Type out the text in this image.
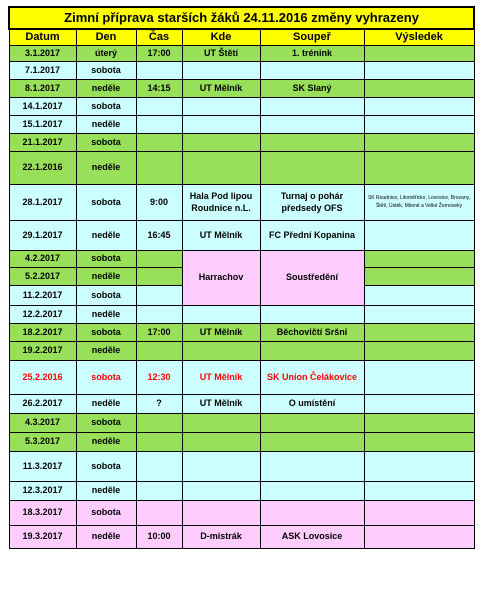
Zimní příprava starších žáků 24.11.2016 změny vyhrazeny					
Datum	Den	Čas	Kde	Soupeř	Výsledek
3.1.2017	úterý	17:00	UT Štětí	1. trénink	
7.1.2017	sobota				
8.1.2017	neděle	14:15	UT Mělník	SK Slaný	
14.1.2017	sobota				
15.1.2017	neděle				
21.1.2017	sobota				
22.1.2016	neděle				
28.1.2017	sobota	9:00	Hala Pod lipou Roudnice n.L.	Turnaj o pohár předsedy OFS	SK Roudnice, Litoměřicko, Lovosice, Brozany, Štětí, Ústék, Mšené a Velké Žernoseky
29.1.2017	neděle	16:45	UT Mělník	FC Přední Kopanina	
4.2.2017	sobota		Harrachov	Soustředění	
5.2.2017	neděle				
11.2.2017	sobota				
12.2.2017	neděle				
18.2.2017	sobota	17:00	UT Mělník	Běchovičtí Sršni	
19.2.2017	neděle				
25.2.2016	sobota	12:30	UT Mělník	SK Union Čelákovice	
26.2.2017	neděle	?	UT Mělník	O umístění	
4.3.2017	sobota				
5.3.2017	neděle				
11.3.2017	sobota				
12.3.2017	neděle				
18.3.2017	sobota				
19.3.2017	neděle	10:00	D-mistrák	ASK Lovosice	
